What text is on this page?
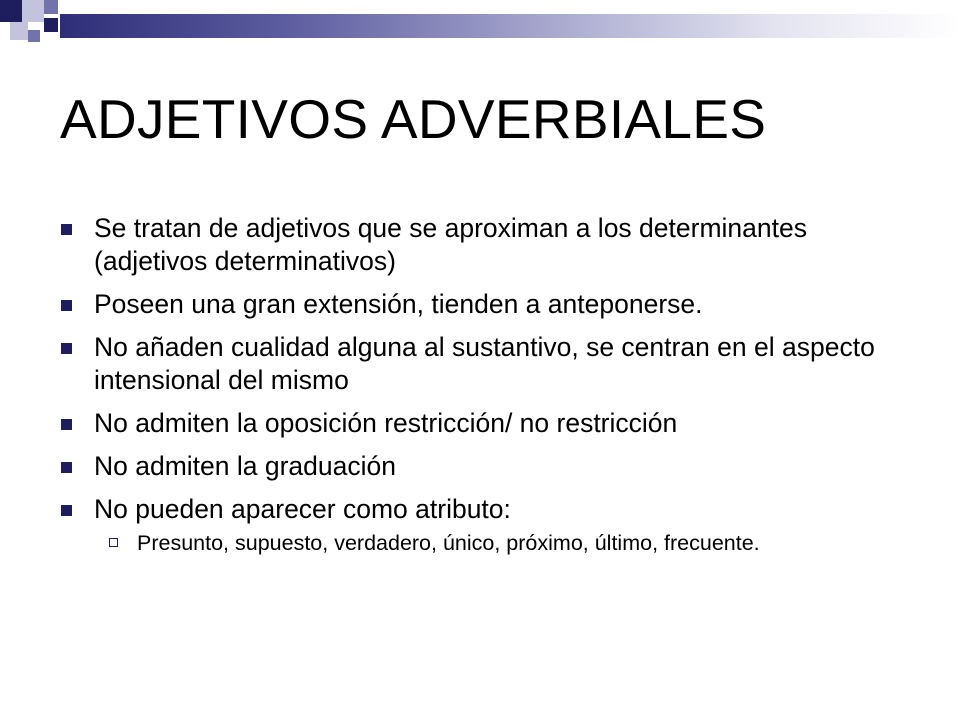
ADJETIVOS ADVERBIALES
Se tratan de adjetivos que se aproximan a los determinantes (adjetivos determinativos)
Poseen una gran extensión, tienden a anteponerse.
No añaden cualidad alguna al sustantivo, se centran en el aspecto intensional del mismo
No admiten la oposición restricción/ no restricción
No admiten la graduación
No pueden aparecer como atributo:
Presunto, supuesto, verdadero, único, próximo, último, frecuente.
